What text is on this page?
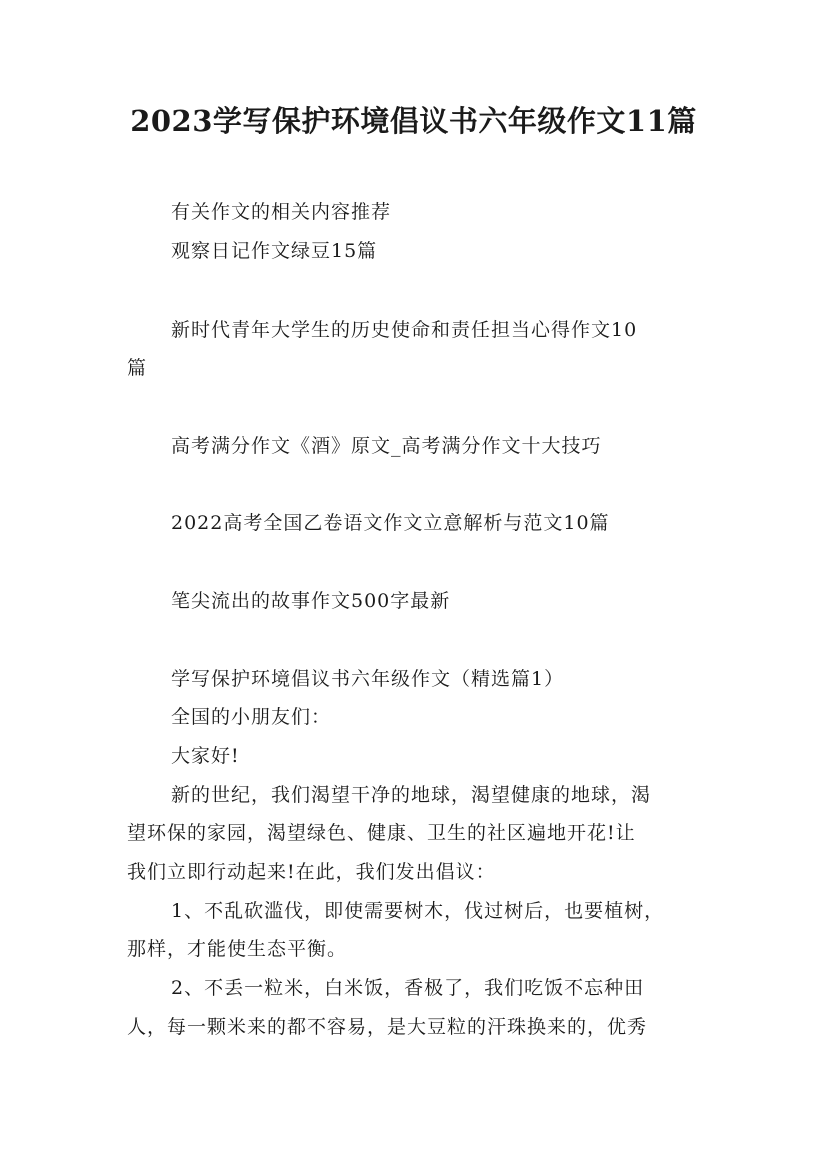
2023学写保护环境倡议书六年级作文11篇

有关作文的相关内容推荐

观察日记作文绿豆15篇

新时代青年大学生的历史使命和责任担当心得作文10

篇

高考满分作文《酒》原文_高考满分作文十大技巧

2022高考全国乙卷语文作文立意解析与范文10篇

笔尖流出的故事作文500字最新

学写保护环境倡议书六年级作文（精选篇1）

全国的小朋友们：

大家好!

新的世纪，我们渴望干净的地球，渴望健康的地球，渴

望环保的家园，渴望绿色、健康、卫生的社区遍地开花!让

我们立即行动起来!在此，我们发出倡议：

1、不乱砍滥伐，即使需要树木，伐过树后，也要植树，

那样，才能使生态平衡。

2、不丢一粒米，白米饭，香极了，我们吃饭不忘种田

人，每一颗米来的都不容易，是大豆粒的汗珠换来的，优秀
